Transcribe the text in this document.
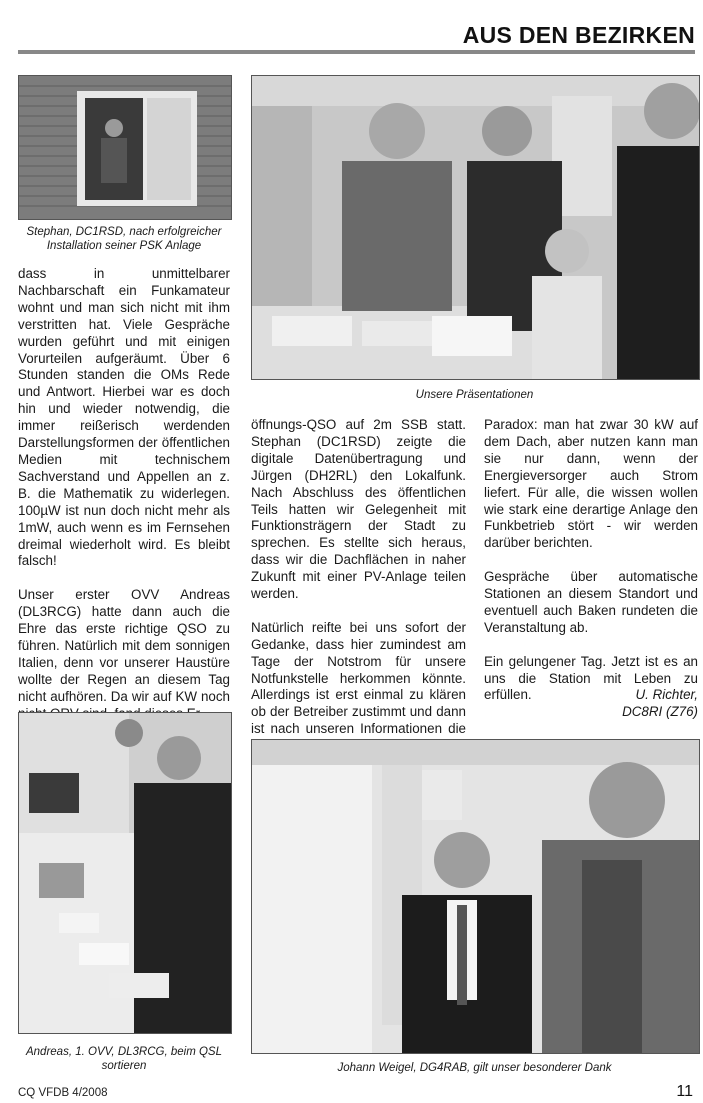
AUS DEN BEZIRKEN
Stephan, DC1RSD, nach erfolgreicher Installation seiner PSK Anlage
Unsere Präsentationen

dass in unmittelbarer Nachbarschaft ein Funkamateur wohnt und man sich nicht mit ihm verstritten hat. Viele Gespräche wurden geführt und mit einigen Vorurteilen aufgeräumt. Über 6 Stunden standen die OMs Rede und Antwort. Hierbei war es doch hin und wieder notwendig, die immer reißerisch werdenden Darstellungsformen der öffentlichen Medien mit technischem Sachverstand und Appellen an z. B. die Mathematik zu widerlegen. 100µW ist nun doch nicht mehr als 1mW, auch wenn es im Fernsehen dreimal wiederholt wird. Es bleibt falsch!

Unser erster OVV Andreas (DL3RCG) hatte dann auch die Ehre das erste richtige QSO zu führen. Natürlich mit dem sonnigen Italien, denn vor unserer Haustüre wollte der Regen an diesem Tag nicht aufhören. Da wir auf KW noch

öffnungs-QSO auf 2m SSB statt. Stephan (DC1RSD) zeigte die digitale Datenübertragung und Jürgen (DH2RL) den Lokalfunk. Nach Abschluss des öffentlichen Teils hatten wir Gelegenheit mit Funktionsträgern der Stadt zu sprechen. Es stellte sich heraus, dass wir die Dachflächen in naher Zukunft mit einer PV-Anlage teilen werden.

Natürlich reifte bei uns sofort der Gedanke, dass hier zumindest am Tage der Notstrom für unsere Notfunkstelle herkommen könnte. Allerdings ist erst einmal zu klären ob der Betreiber zustimmt und dann ist nach unseren Informationen die

Paradox: man hat zwar 30 kW auf dem Dach, aber nutzen kann man sie nur dann, wenn der Energieversorger auch Strom liefert. Für alle, die wissen wollen wie stark eine derartige Anlage den Funkbetrieb stört - wir werden darüber berichten.

Gespräche über automatische Stationen an diesem Standort und eventuell auch Baken rundeten die Veranstaltung ab.

Ein gelungener Tag. Jetzt ist es an uns die Station mit Leben zu erfüllen.	U. Richter,
DC8RI (Z76)
Andreas, 1. OVV, DL3RCG, beim QSL sortieren	Johann Weigel, DG4RAB, gilt unser besonderer Dank
CQ VFDB 4/2008	11
